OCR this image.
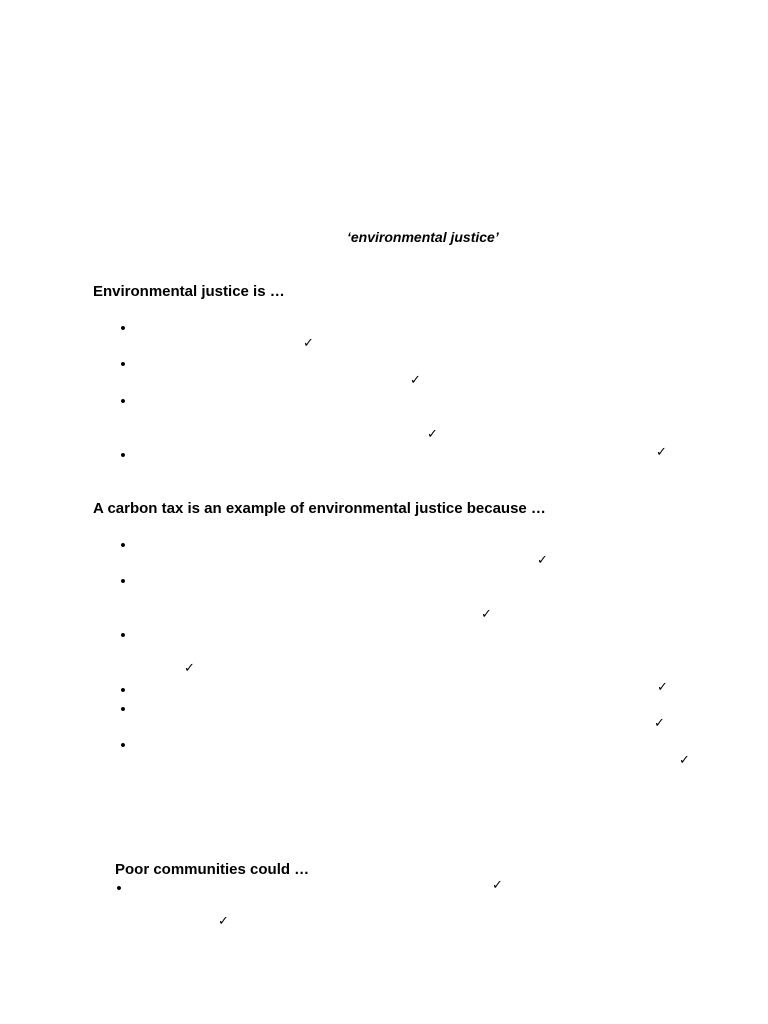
‘environmental justice’
Environmental justice is …
•
✓
•
✓
•
✓
•	✓
A carbon tax is an example of environmental justice because …
•
✓
•
✓
•
✓
•	✓
•
✓
•
✓
Poor communities could …
•	✓
✓
